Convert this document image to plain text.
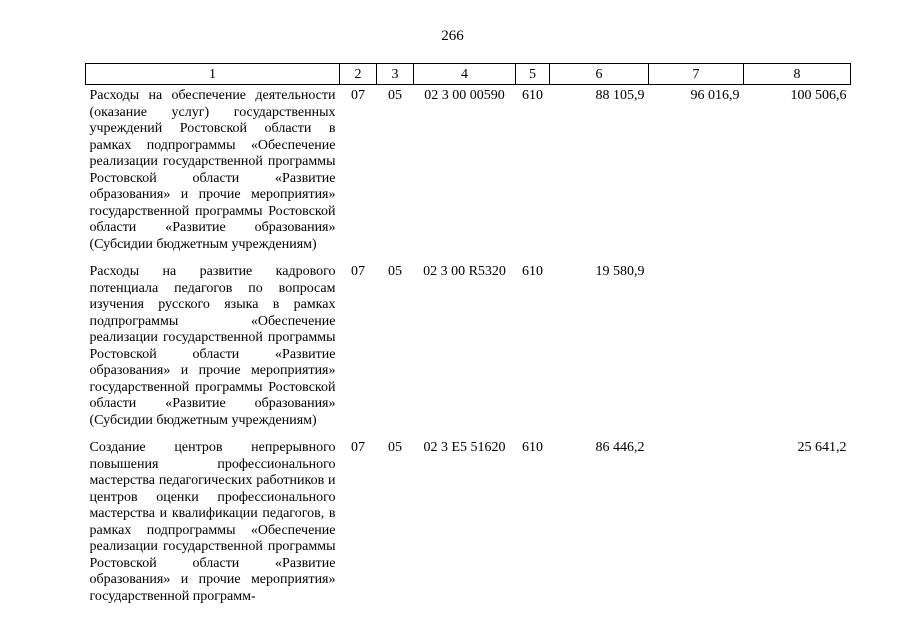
266
1	2	3	4	5	6	7	8
Расходы на обеспечение деятельности (оказание услуг) государственных учреждений Ростовской области в рамках подпрограммы «Обеспечение реализации государственной программы Ростовской области «Развитие образования» и прочие мероприятия» государственной программы Ростовской области «Развитие образования» (Субсидии бюджетным учреждениям)	07	05	02 3 00 00590	610	88 105,9	96 016,9	100 506,6
Расходы на развитие кадрового потенциала педагогов по вопросам изучения русского языка в рамках подпрограммы «Обеспечение реализации государственной программы Ростовской области «Развитие образования» и прочие мероприятия» государственной программы Ростовской области «Развитие образования» (Субсидии бюджетным учреждениям)	07	05	02 3 00 R5320	610	19 580,9		
Создание центров непрерывного повышения профессионального мастерства педагогических работников и центров оценки профессионального мастерства и квалификации педагогов, в рамках подпрограммы «Обеспечение реализации государственной программы Ростовской области «Развитие образования» и прочие мероприятия» государственной программ-	07	05	02 3 E5 51620	610	86 446,2		25 641,2
